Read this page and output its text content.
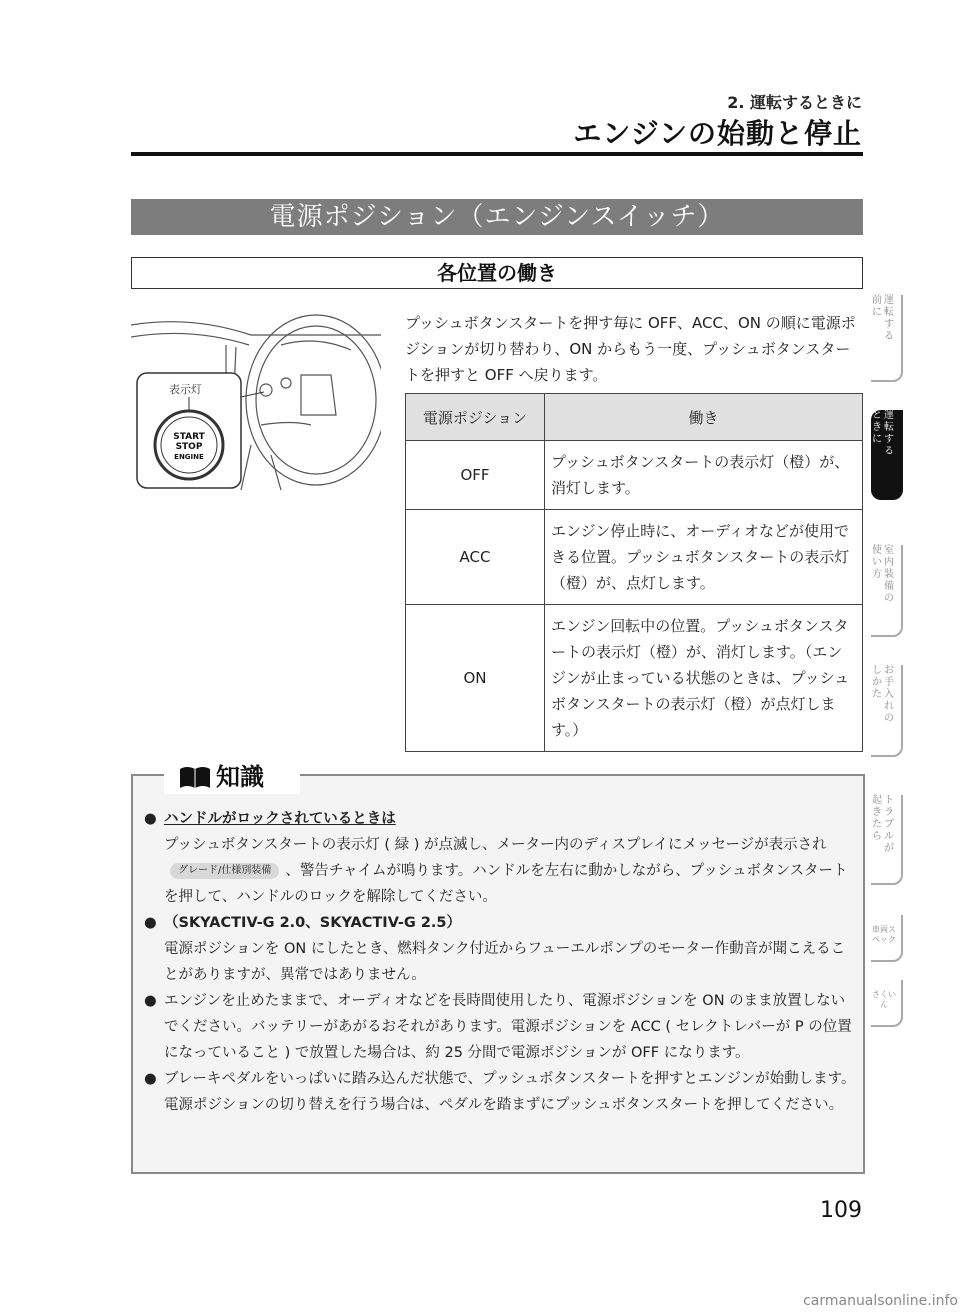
2. 運転するときに
エンジンの始動と停止
電源ポジション（エンジンスイッチ）
各位置の働き
表示灯
START
STOP
ENGINE
プッシュボタンスタートを押す毎に OFF、ACC、ON の順に電源ポジションが切り替わり、ON からもう一度、プッシュボタンスタートを押すと OFF へ戻ります。
電源ポジション	働き
OFF	プッシュボタンスタートの表示灯（橙）が、消灯します。
ACC	エンジン停止時に、オーディオなどが使用できる位置。プッシュボタンスタートの表示灯（橙）が、点灯します。
ON	エンジン回転中の位置。プッシュボタンスタートの表示灯（橙）が、消灯します。（エンジンが止まっている状態のときは、プッシュボタンスタートの表示灯（橙）が点灯します。）
知識
● ハンドルがロックされているときは
プッシュボタンスタートの表示灯 ( 緑 ) が点滅し、メーター内のディスプレイにメッセージが表示されグレード/仕様別装備 、警告チャイムが鳴ります。ハンドルを左右に動かしながら、プッシュボタンスタートを押して、ハンドルのロックを解除してください。
● （SKYACTIV-G 2.0、SKYACTIV-G 2.5）
電源ポジションを ON にしたとき、燃料タンク付近からフューエルポンプのモーター作動音が聞こえることがありますが、異常ではありません。
● エンジンを止めたままで、オーディオなどを長時間使用したり、電源ポジションを ON のまま放置しないでください。バッテリーがあがるおそれがあります。電源ポジションを ACC ( セレクトレバーが P の位置になっていること ) で放置した場合は、約 25 分間で電源ポジションが OFF になります。
● ブレーキペダルをいっぱいに踏み込んだ状態で、プッシュボタンスタートを押すとエンジンが始動します。電源ポジションの切り替えを行う場合は、ペダルを踏まずにプッシュボタンスタートを押してください。
109
前に運転する
ときに運転する
使い方室内装備の
しかたお手入れの
起きたらトラブルが
車両スペック
さくいん
carmanualsonline.info
